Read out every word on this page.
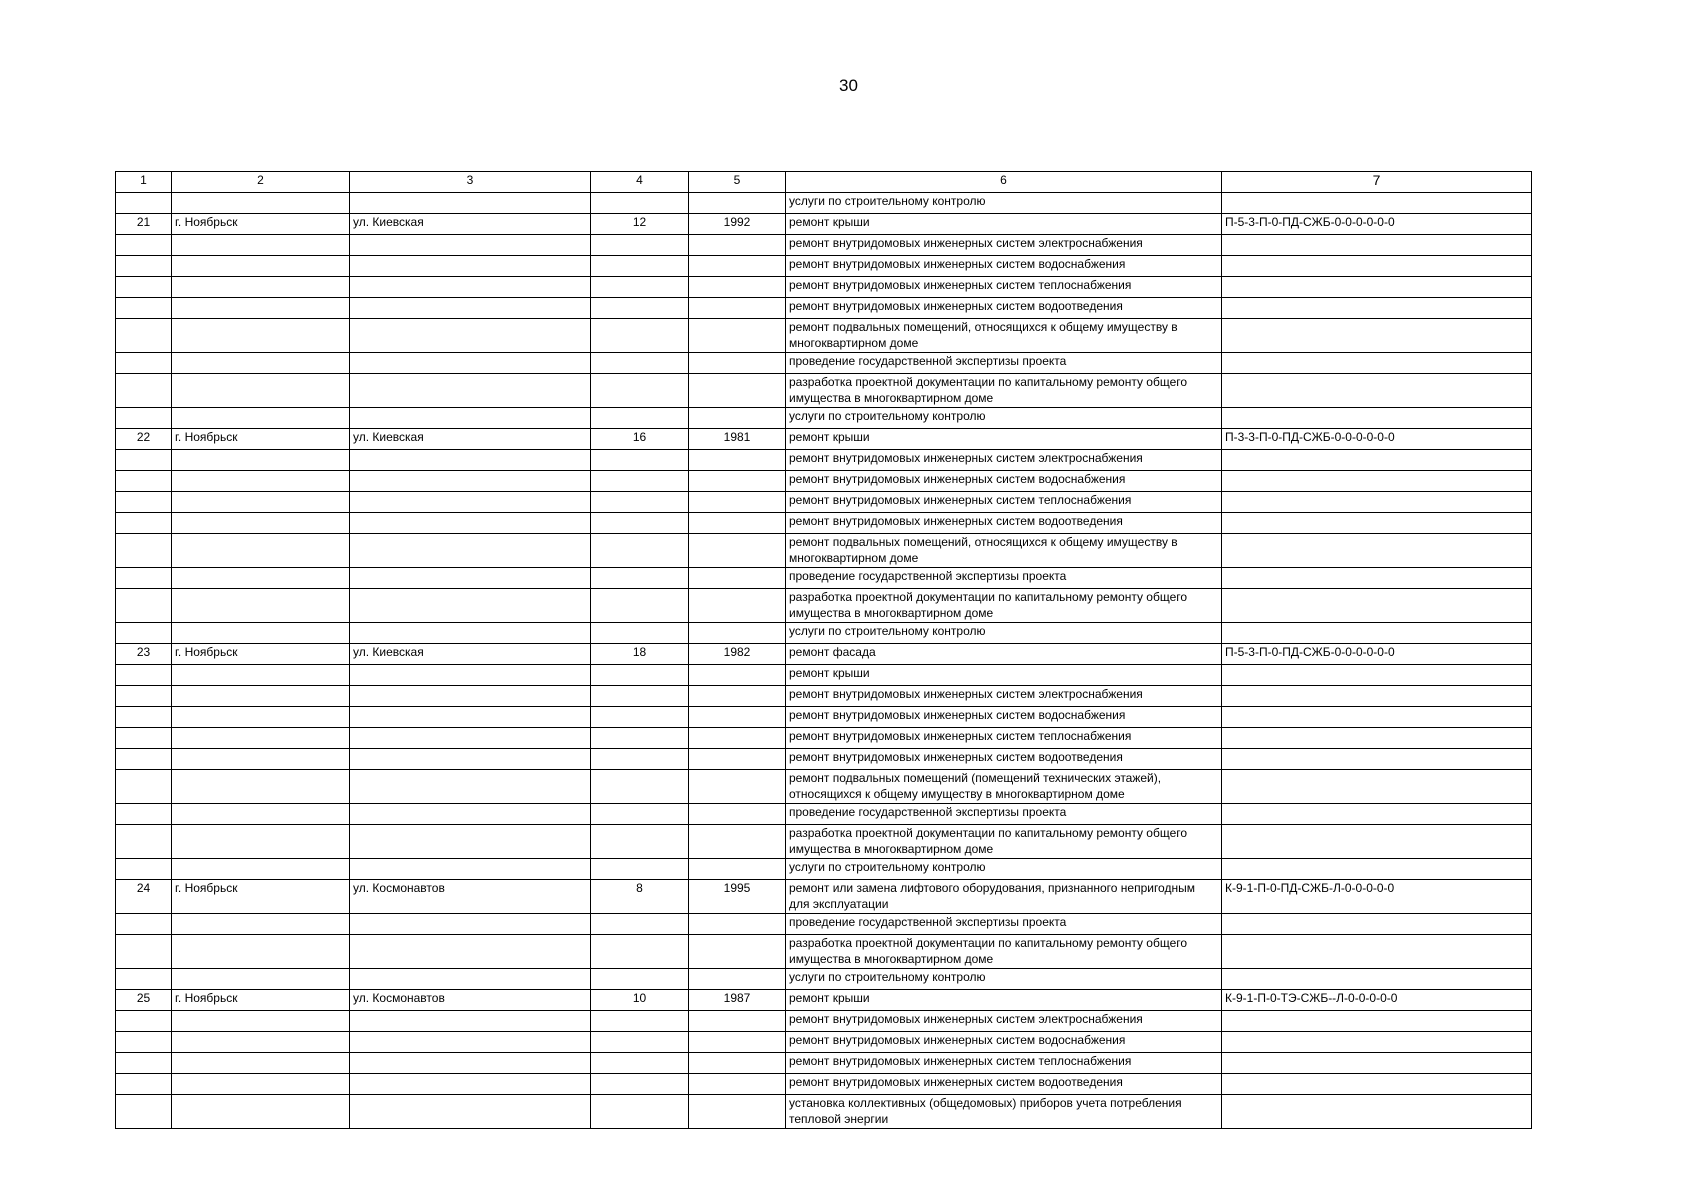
30
1	2	3	4	5	6	7
					услуги по строительному контролю	
21	г. Ноябрьск	ул. Киевская	12	1992	ремонт крыши	П-5-3-П-0-ПД-СЖБ-0-0-0-0-0-0
					ремонт внутридомовых инженерных систем электроснабжения	
					ремонт внутридомовых инженерных систем водоснабжения	
					ремонт внутридомовых инженерных систем теплоснабжения	
					ремонт внутридомовых инженерных систем водоотведения	
					ремонт подвальных помещений, относящихся к общему имуществу в многоквартирном доме	
					проведение государственной экспертизы проекта	
					разработка проектной документации по капитальному ремонту общего имущества в многоквартирном доме	
					услуги по строительному контролю	
22	г. Ноябрьск	ул. Киевская	16	1981	ремонт крыши	П-3-3-П-0-ПД-СЖБ-0-0-0-0-0-0
					ремонт внутридомовых инженерных систем электроснабжения	
					ремонт внутридомовых инженерных систем водоснабжения	
					ремонт внутридомовых инженерных систем теплоснабжения	
					ремонт внутридомовых инженерных систем водоотведения	
					ремонт подвальных помещений, относящихся к общему имуществу в многоквартирном доме	
					проведение государственной экспертизы проекта	
					разработка проектной документации по капитальному ремонту общего имущества в многоквартирном доме	
					услуги по строительному контролю	
23	г. Ноябрьск	ул. Киевская	18	1982	ремонт фасада	П-5-3-П-0-ПД-СЖБ-0-0-0-0-0-0
					ремонт крыши	
					ремонт внутридомовых инженерных систем электроснабжения	
					ремонт внутридомовых инженерных систем водоснабжения	
					ремонт внутридомовых инженерных систем теплоснабжения	
					ремонт внутридомовых инженерных систем водоотведения	
					ремонт подвальных помещений (помещений технических этажей), относящихся к общему имуществу в многоквартирном доме	
					проведение государственной экспертизы проекта	
					разработка проектной документации по капитальному ремонту общего имущества в многоквартирном доме	
					услуги по строительному контролю	
24	г. Ноябрьск	ул. Космонавтов	8	1995	ремонт или замена лифтового оборудования, признанного непригодным для эксплуатации	К-9-1-П-0-ПД-СЖБ-Л-0-0-0-0-0
					проведение государственной экспертизы проекта	
					разработка проектной документации по капитальному ремонту общего имущества в многоквартирном доме	
					услуги по строительному контролю	
25	г. Ноябрьск	ул. Космонавтов	10	1987	ремонт крыши	К-9-1-П-0-ТЭ-СЖБ--Л-0-0-0-0-0
					ремонт внутридомовых инженерных систем электроснабжения	
					ремонт внутридомовых инженерных систем водоснабжения	
					ремонт внутридомовых инженерных систем теплоснабжения	
					ремонт внутридомовых инженерных систем водоотведения	
					установка коллективных (общедомовых) приборов учета потребления тепловой энергии	
